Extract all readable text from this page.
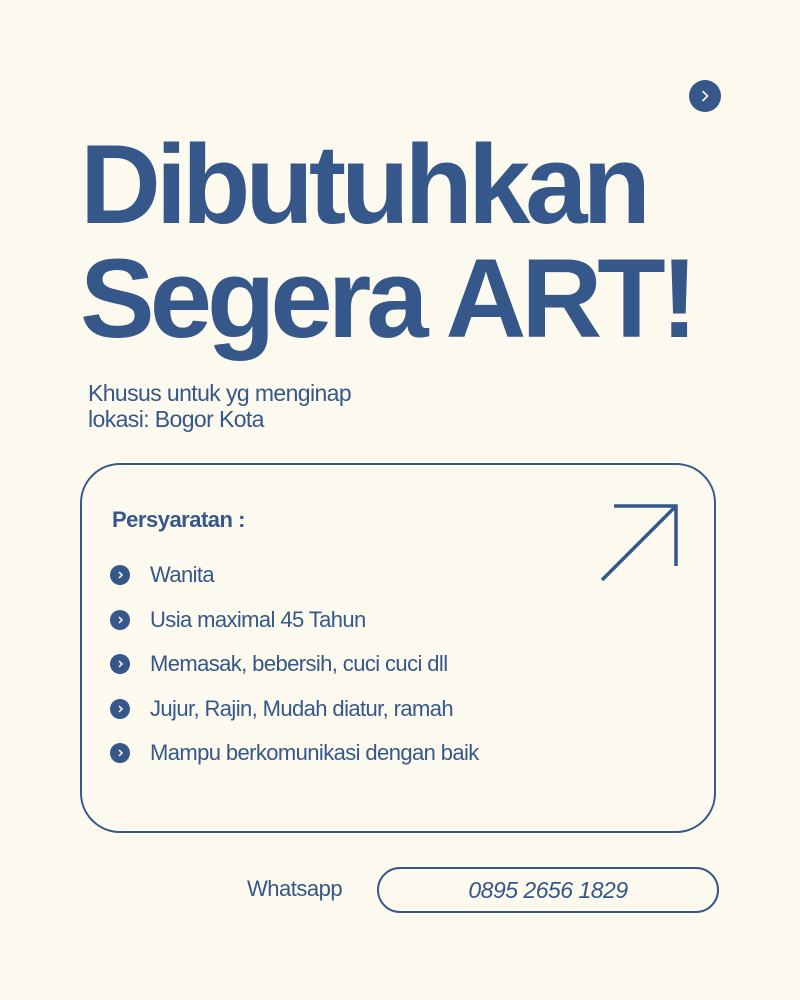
Dibutuhkan
Segera ART!
Khusus untuk yg menginap
lokasi: Bogor Kota
Persyaratan :
Wanita
Usia maximal 45 Tahun
Memasak, bebersih, cuci cuci dll
Jujur, Rajin, Mudah diatur, ramah
Mampu berkomunikasi dengan baik
Whatsapp	0895 2656 1829
